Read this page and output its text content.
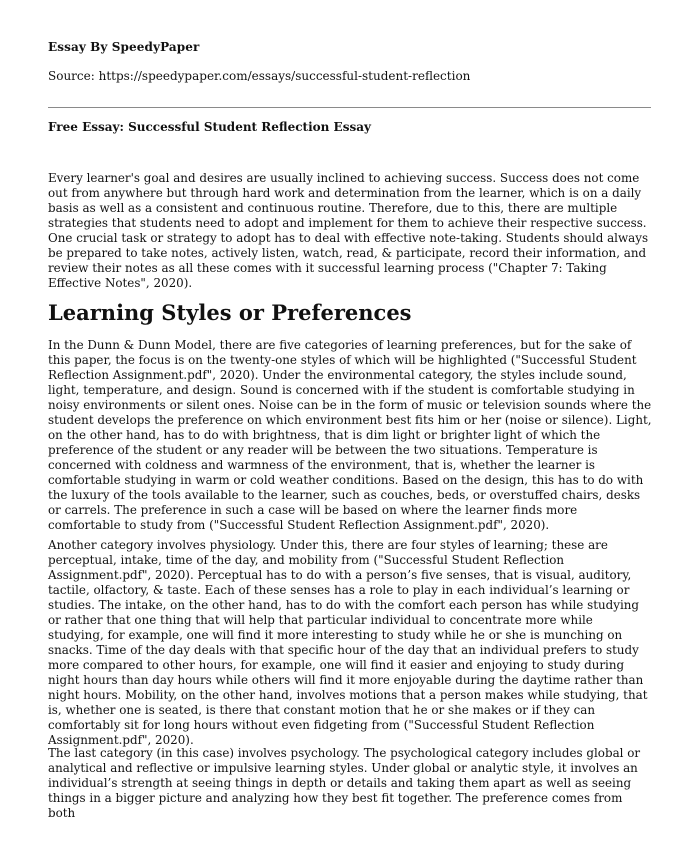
Essay By SpeedyPaper
Source: https://speedypaper.com/essays/successful-student-reflection
Free Essay: Successful Student Reflection Essay

Every learner's goal and desires are usually inclined to achieving success. Success does not come out from anywhere but through hard work and determination from the learner, which is on a daily basis as well as a consistent and continuous routine. Therefore, due to this, there are multiple strategies that students need to adopt and implement for them to achieve their respective success. One crucial task or strategy to adopt has to deal with effective note-taking. Students should always be prepared to take notes, actively listen, watch, read, & participate, record their information, and review their notes as all these comes with it successful learning process ("Chapter 7: Taking Effective Notes", 2020).

Learning Styles or Preferences

In the Dunn & Dunn Model, there are five categories of learning preferences, but for the sake of this paper, the focus is on the twenty-one styles of which will be highlighted ("Successful Student Reflection Assignment.pdf", 2020). Under the environmental category, the styles include sound, light, temperature, and design. Sound is concerned with if the student is comfortable studying in noisy environments or silent ones. Noise can be in the form of music or television sounds where the student develops the preference on which environment best fits him or her (noise or silence). Light, on the other hand, has to do with brightness, that is dim light or brighter light of which the preference of the student or any reader will be between the two situations. Temperature is concerned with coldness and warmness of the environment, that is, whether the learner is comfortable studying in warm or cold weather conditions. Based on the design, this has to do with the luxury of the tools available to the learner, such as couches, beds, or overstuffed chairs, desks or carrels. The preference in such a case will be based on where the learner finds more comfortable to study from ("Successful Student Reflection Assignment.pdf", 2020).

Another category involves physiology. Under this, there are four styles of learning; these are perceptual, intake, time of the day, and mobility from ("Successful Student Reflection Assignment.pdf", 2020). Perceptual has to do with a person’s five senses, that is visual, auditory, tactile, olfactory, & taste. Each of these senses has a role to play in each individual’s learning or studies. The intake, on the other hand, has to do with the comfort each person has while studying or rather that one thing that will help that particular individual to concentrate more while studying, for example, one will find it more interesting to study while he or she is munching on snacks. Time of the day deals with that specific hour of the day that an individual prefers to study more compared to other hours, for example, one will find it easier and enjoying to study during night hours than day hours while others will find it more enjoyable during the daytime rather than night hours. Mobility, on the other hand, involves motions that a person makes while studying, that is, whether one is seated, is there that constant motion that he or she makes or if they can comfortably sit for long hours without even fidgeting from ("Successful Student Reflection Assignment.pdf", 2020).

The last category (in this case) involves psychology. The psychological category includes global or analytical and reflective or impulsive learning styles. Under global or analytic style, it involves an individual’s strength at seeing things in depth or details and taking them apart as well as seeing things in a bigger picture and analyzing how they best fit together. The preference comes from both
